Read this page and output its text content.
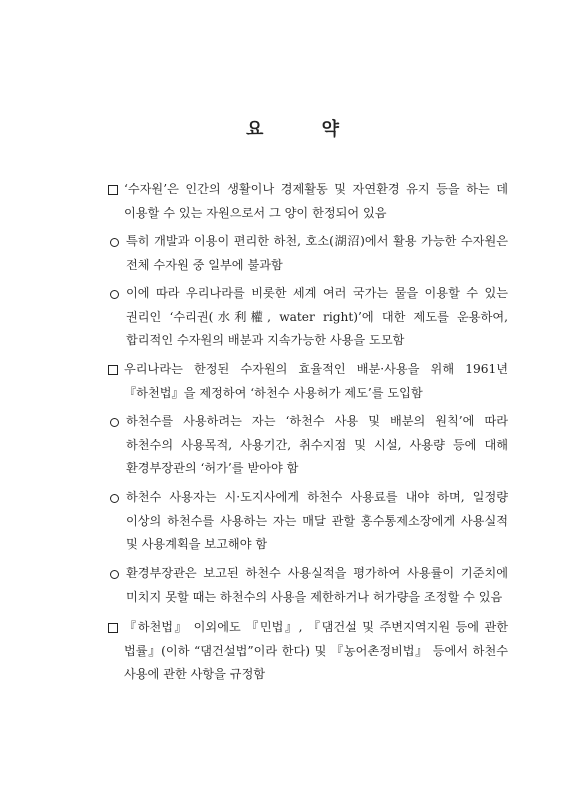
요 약
‘수자원’은 인간의 생활이나 경제활동 및 자연환경 유지 등을 하는 데 이용할 수 있는 자원으로서 그 양이 한정되어 있음
특히 개발과 이용이 편리한 하천, 호소(湖沼)에서 활용 가능한 수자원은 전체 수자원 중 일부에 불과함
이에 따라 우리나라를 비롯한 세계 여러 국가는 물을 이용할 수 있는 권리인 ‘수리권(水利權, water right)’에 대한 제도를 운용하여, 합리적인 수자원의 배분과 지속가능한 사용을 도모함
우리나라는 한정된 수자원의 효율적인 배분·사용을 위해 1961년 『하천법』을 제정하여 ‘하천수 사용허가 제도’를 도입함
하천수를 사용하려는 자는 ‘하천수 사용 및 배분의 원칙’에 따라 하천수의 사용목적, 사용기간, 취수지점 및 시설, 사용량 등에 대해 환경부장관의 ‘허가’를 받아야 함
하천수 사용자는 시·도지사에게 하천수 사용료를 내야 하며, 일정량 이상의 하천수를 사용하는 자는 매달 관할 홍수통제소장에게 사용실적 및 사용계획을 보고해야 함
환경부장관은 보고된 하천수 사용실적을 평가하여 사용률이 기준치에 미치지 못할 때는 하천수의 사용을 제한하거나 허가량을 조정할 수 있음
『하천법』 이외에도 『민법』, 『댐건설 및 주변지역지원 등에 관한 법률』(이하 “댐건설법”이라 한다) 및 『농어촌정비법』 등에서 하천수 사용에 관한 사항을 규정함
